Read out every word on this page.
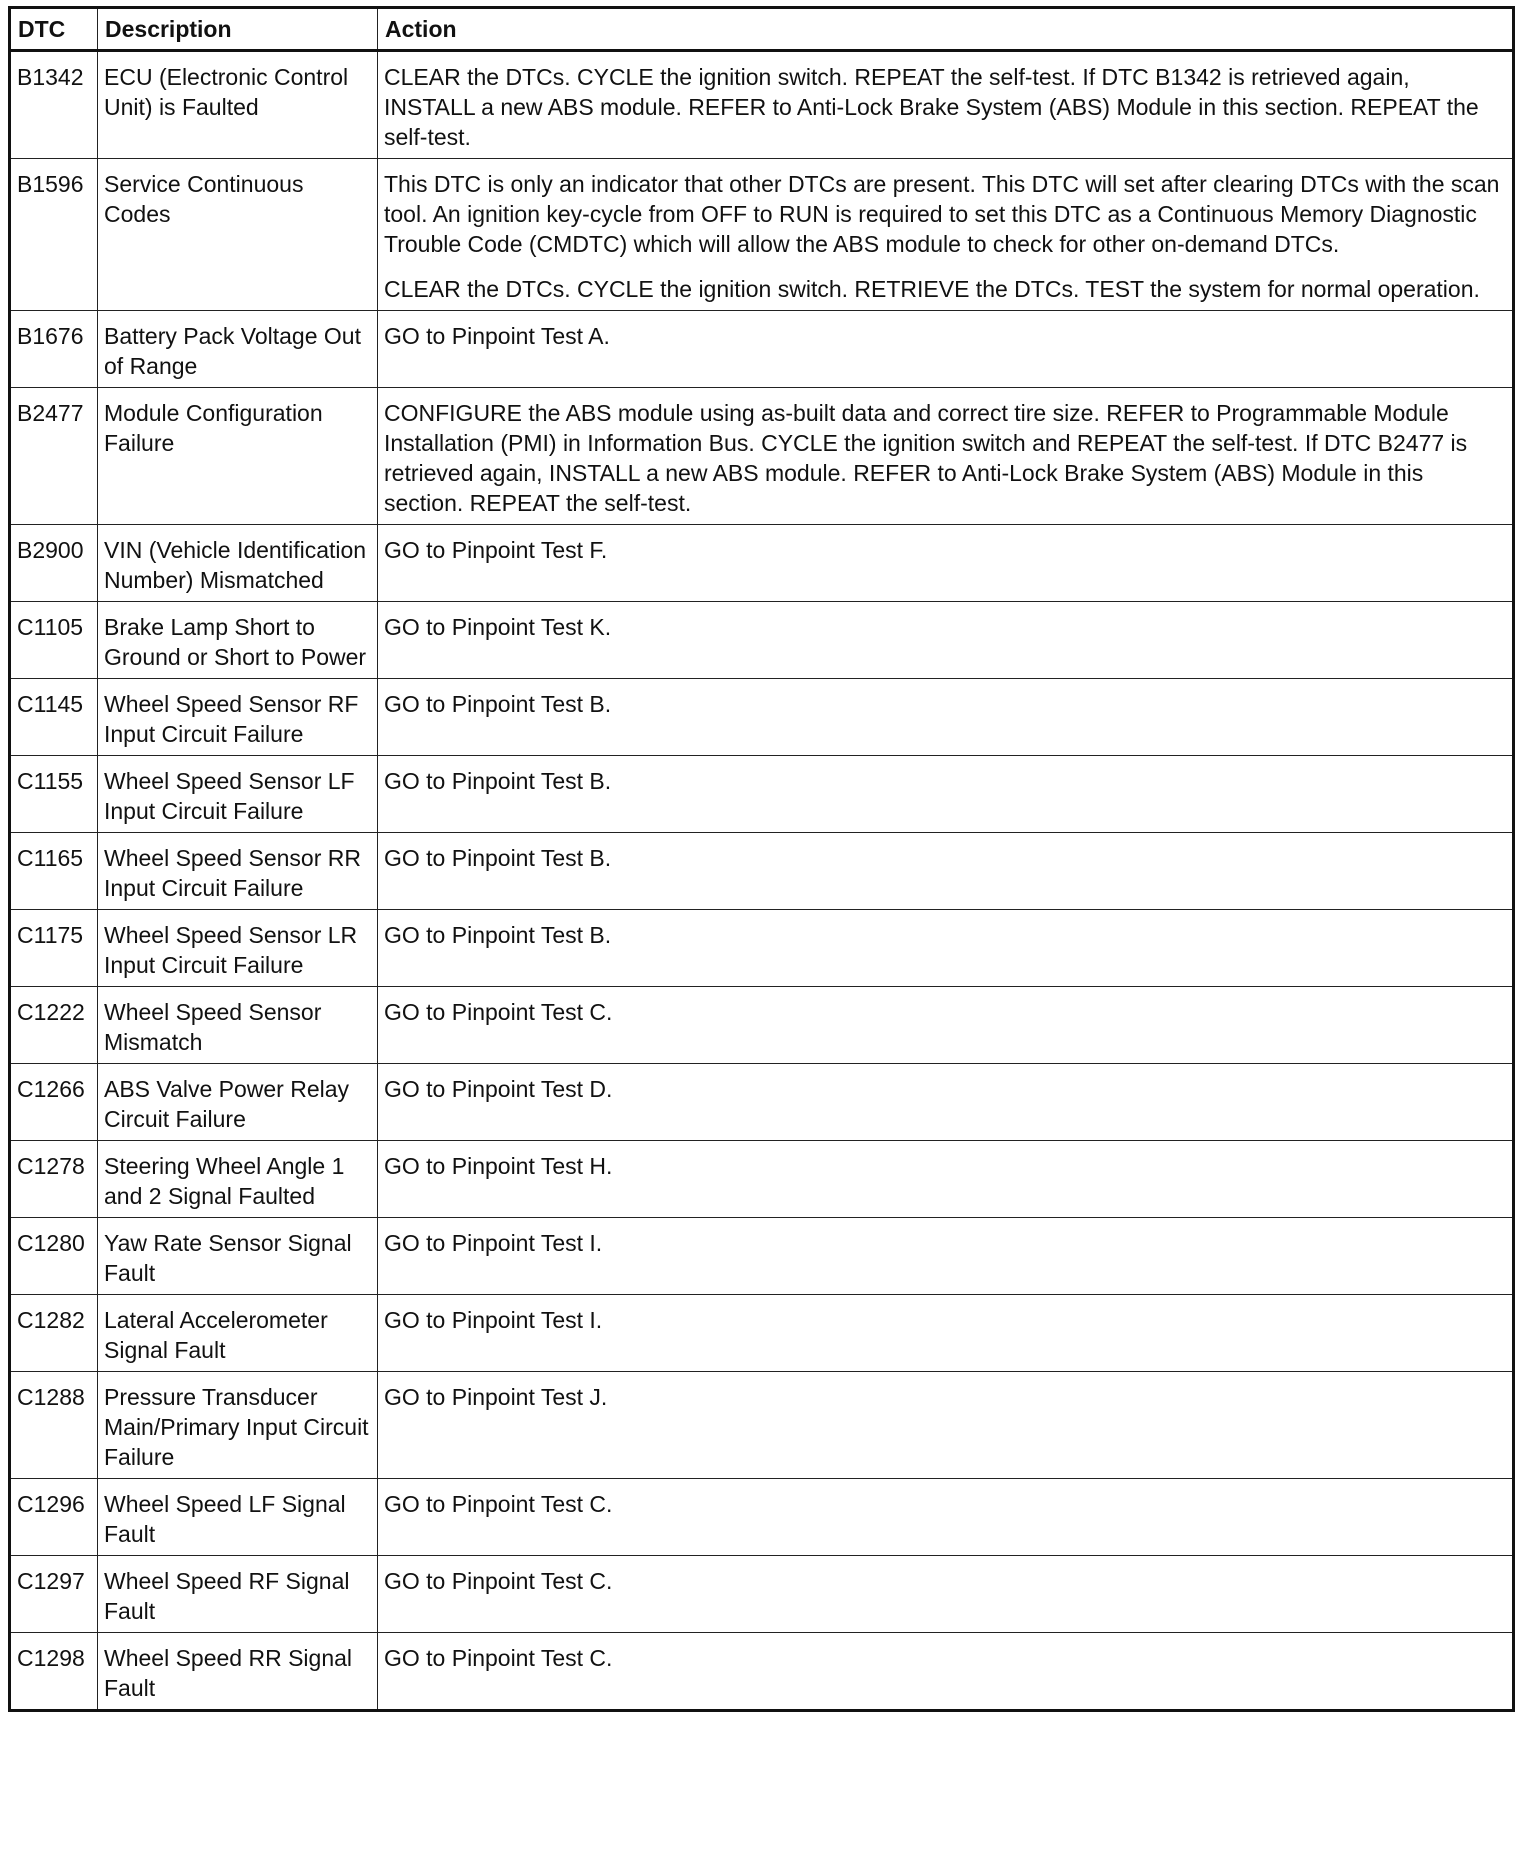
DTC	Description	Action
B1342	ECU (Electronic Control Unit) is Faulted	CLEAR the DTCs. CYCLE the ignition switch. REPEAT the self-test. If DTC B1342 is retrieved again, INSTALL a new ABS module. REFER to Anti-Lock Brake System (ABS) Module in this section. REPEAT the self-test.

B1596	Service Continuous Codes	This DTC is only an indicator that other DTCs are present. This DTC will set after clearing DTCs with the scan tool. An ignition key-cycle from OFF to RUN is required to set this DTC as a Continuous Memory Diagnostic Trouble Code (CMDTC) which will allow the ABS module to check for other on-demand DTCs.
CLEAR the DTCs. CYCLE the ignition switch. RETRIEVE the DTCs. TEST the system for normal operation.

B1676	Battery Pack Voltage Out of Range	GO to Pinpoint Test A.

B2477	Module Configuration Failure	CONFIGURE the ABS module using as-built data and correct tire size. REFER to Programmable Module Installation (PMI) in Information Bus. CYCLE the ignition switch and REPEAT the self-test. If DTC B2477 is retrieved again, INSTALL a new ABS module. REFER to Anti-Lock Brake System (ABS) Module in this section. REPEAT the self-test.

B2900	VIN (Vehicle Identification Number) Mismatched	GO to Pinpoint Test F.

C1105	Brake Lamp Short to Ground or Short to Power	GO to Pinpoint Test K.

C1145	Wheel Speed Sensor RF Input Circuit Failure	GO to Pinpoint Test B.

C1155	Wheel Speed Sensor LF Input Circuit Failure	GO to Pinpoint Test B.

C1165	Wheel Speed Sensor RR Input Circuit Failure	GO to Pinpoint Test B.

C1175	Wheel Speed Sensor LR Input Circuit Failure	GO to Pinpoint Test B.

C1222	Wheel Speed Sensor Mismatch	GO to Pinpoint Test C.

C1266	ABS Valve Power Relay Circuit Failure	GO to Pinpoint Test D.

C1278	Steering Wheel Angle 1 and 2 Signal Faulted	GO to Pinpoint Test H.

C1280	Yaw Rate Sensor Signal Fault	GO to Pinpoint Test I.

C1282	Lateral Accelerometer Signal Fault	GO to Pinpoint Test I.

C1288	Pressure Transducer Main/Primary Input Circuit Failure	GO to Pinpoint Test J.

C1296	Wheel Speed LF Signal Fault	GO to Pinpoint Test C.

C1297	Wheel Speed RF Signal Fault	GO to Pinpoint Test C.

C1298	Wheel Speed RR Signal Fault	GO to Pinpoint Test C.
